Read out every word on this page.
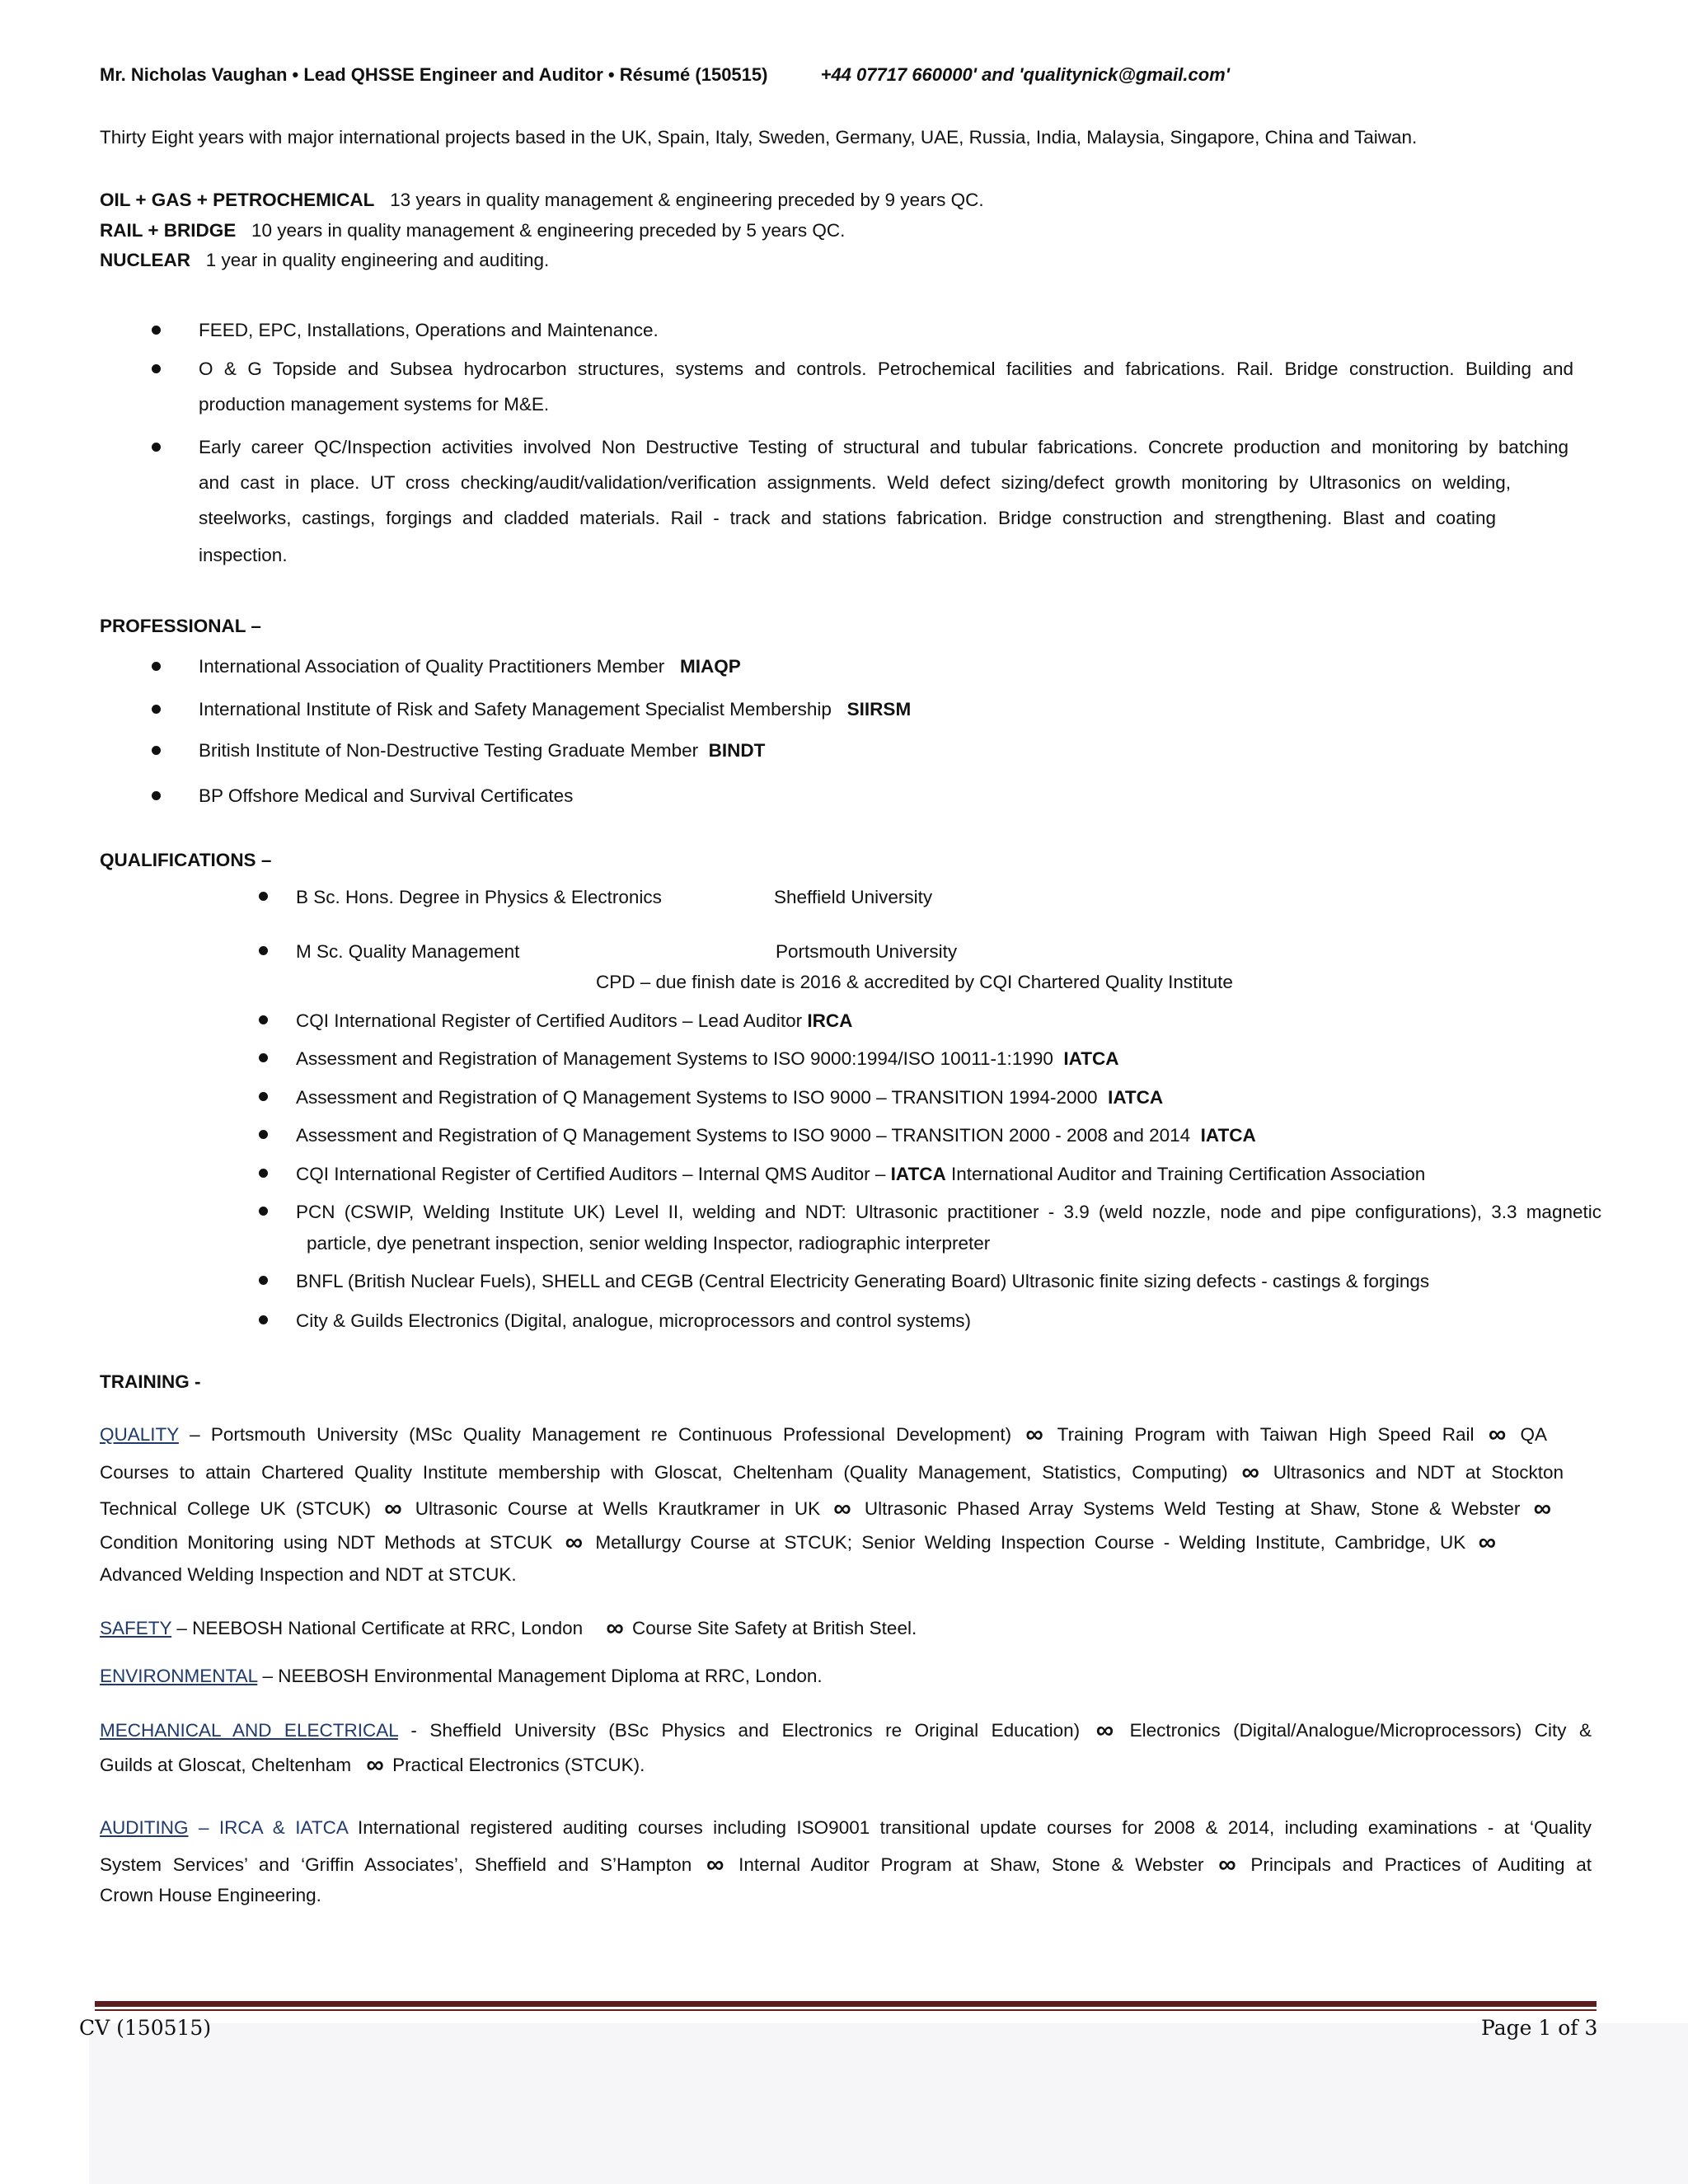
Mr. Nicholas Vaughan • Lead QHSSE Engineer and Auditor • Résumé (150515)	+44 07717 660000' and 'qualitynick@gmail.com'
Thirty Eight years with major international projects based in the UK, Spain, Italy, Sweden, Germany, UAE, Russia, India, Malaysia, Singapore, China and Taiwan.
OIL + GAS + PETROCHEMICAL 13 years in quality management & engineering preceded by 9 years QC.
RAIL + BRIDGE 10 years in quality management & engineering preceded by 5 years QC.
NUCLEAR 1 year in quality engineering and auditing.
FEED, EPC, Installations, Operations and Maintenance.
O & G Topside and Subsea hydrocarbon structures, systems and controls. Petrochemical facilities and fabrications. Rail. Bridge construction. Building and
production management systems for M&E.
Early career QC/Inspection activities involved Non Destructive Testing of structural and tubular fabrications. Concrete production and monitoring by batching
and cast in place. UT cross checking/audit/validation/verification assignments. Weld defect sizing/defect growth monitoring by Ultrasonics on welding,
steelworks, castings, forgings and cladded materials. Rail - track and stations fabrication. Bridge construction and strengthening. Blast and coating
inspection.
PROFESSIONAL –
International Association of Quality Practitioners Member MIAQP
International Institute of Risk and Safety Management Specialist Membership SIIRSM
British Institute of Non-Destructive Testing Graduate Member BINDT
BP Offshore Medical and Survival Certificates
QUALIFICATIONS –
B Sc. Hons. Degree in Physics & Electronics	Sheffield University
M Sc. Quality Management	Portsmouth University
CPD – due finish date is 2016 & accredited by CQI Chartered Quality Institute
CQI International Register of Certified Auditors – Lead Auditor IRCA
Assessment and Registration of Management Systems to ISO 9000:1994/ISO 10011-1:1990 IATCA
Assessment and Registration of Q Management Systems to ISO 9000 – TRANSITION 1994-2000 IATCA
Assessment and Registration of Q Management Systems to ISO 9000 – TRANSITION 2000 - 2008 and 2014 IATCA
CQI International Register of Certified Auditors – Internal QMS Auditor – IATCA International Auditor and Training Certification Association
PCN (CSWIP, Welding Institute UK) Level II, welding and NDT: Ultrasonic practitioner - 3.9 (weld nozzle, node and pipe configurations), 3.3 magnetic
particle, dye penetrant inspection, senior welding Inspector, radiographic interpreter
BNFL (British Nuclear Fuels), SHELL and CEGB (Central Electricity Generating Board) Ultrasonic finite sizing defects - castings & forgings
City & Guilds Electronics (Digital, analogue, microprocessors and control systems)
TRAINING -
QUALITY – Portsmouth University (MSc Quality Management re Continuous Professional Development) ∞ Training Program with Taiwan High Speed Rail ∞ QA
Courses to attain Chartered Quality Institute membership with Gloscat, Cheltenham (Quality Management, Statistics, Computing) ∞ Ultrasonics and NDT at Stockton
Technical College UK (STCUK) ∞ Ultrasonic Course at Wells Krautkramer in UK ∞ Ultrasonic Phased Array Systems Weld Testing at Shaw, Stone & Webster ∞
Condition Monitoring using NDT Methods at STCUK ∞ Metallurgy Course at STCUK; Senior Welding Inspection Course - Welding Institute, Cambridge, UK ∞
Advanced Welding Inspection and NDT at STCUK.
SAFETY – NEEBOSH National Certificate at RRC, London ∞ Course Site Safety at British Steel.
ENVIRONMENTAL – NEEBOSH Environmental Management Diploma at RRC, London.
MECHANICAL AND ELECTRICAL - Sheffield University (BSc Physics and Electronics re Original Education) ∞ Electronics (Digital/Analogue/Microprocessors) City &
Guilds at Gloscat, Cheltenham ∞ Practical Electronics (STCUK).
AUDITING – IRCA & IATCA International registered auditing courses including ISO9001 transitional update courses for 2008 & 2014, including examinations - at ‘Quality
System Services’ and ‘Griffin Associates’, Sheffield and S’Hampton ∞ Internal Auditor Program at Shaw, Stone & Webster ∞ Principals and Practices of Auditing at
Crown House Engineering.
CV (150515)	Page 1 of 3
